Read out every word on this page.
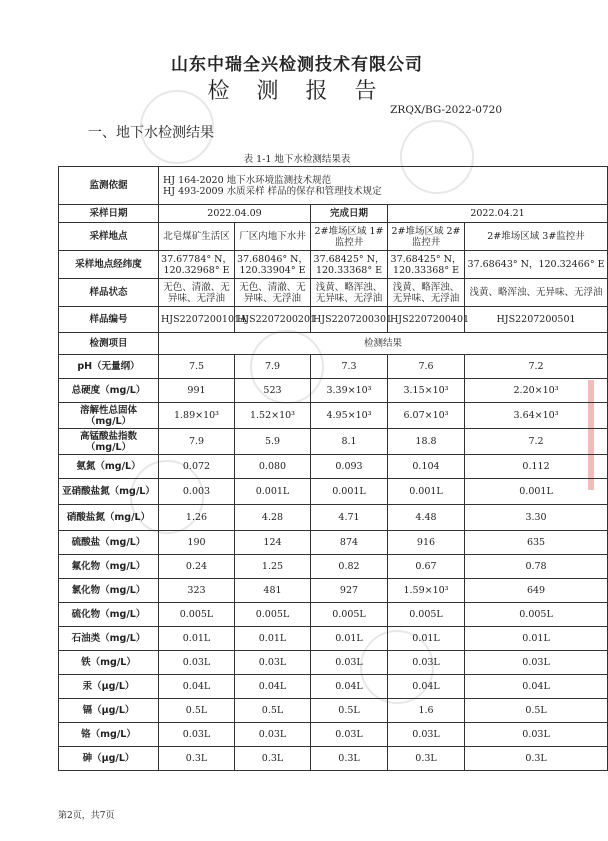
山东中瑞全兴检测技术有限公司
检 测 报 告
ZRQX/BG-2022-0720
一、地下水检测结果
表 1-1 地下水检测结果表
监测依据	HJ 164-2020 地下水环境监测技术规范
HJ 493-2009 水质采样 样品的保存和管理技术规定				

采样日期	2022.04.09		完成日期	2022.04.21	
采样地点	北皂煤矿生活区	厂区内地下水井	2#堆场区域 1#监控井	2#堆场区域 2#监控井	2#堆场区域 3#监控井
采样地点经纬度	37.67784° N，120.32968° E	37.68046° N，120.33904° E	37.68425° N，120.33368° E	37.68425° N，120.33368° E	37.68643° N，120.32466° E
样品状态	无色、清澈、无异味、无浮油	无色、清澈、无异味、无浮油	浅黄、略浑浊、无异味、无浮油	浅黄、略浑浊、无异味、无浮油	浅黄、略浑浊、无异味、无浮油
样品编号	HJS2207200101A	HJS2207200201	HJS2207200301	HJS2207200401	HJS2207200501
检测项目	检测结果				
pH（无量纲）	7.5	7.9	7.3	7.6	7.2
总硬度（mg/L）	991	523	3.39×10³	3.15×10³	2.20×10³
溶解性总固体（mg/L）	1.89×10³	1.52×10³	4.95×10³	6.07×10³	3.64×10³
高锰酸盐指数（mg/L）	7.9	5.9	8.1	18.8	7.2
氨氮（mg/L）	0.072	0.080	0.093	0.104	0.112
亚硝酸盐氮（mg/L）	0.003	0.001L	0.001L	0.001L	0.001L
硝酸盐氮（mg/L）	1.26	4.28	4.71	4.48	3.30
硫酸盐（mg/L）	190	124	874	916	635
氟化物（mg/L）	0.24	1.25	0.82	0.67	0.78
氯化物（mg/L）	323	481	927	1.59×10³	649
硫化物（mg/L）	0.005L	0.005L	0.005L	0.005L	0.005L
石油类（mg/L）	0.01L	0.01L	0.01L	0.01L	0.01L
铁（mg/L）	0.03L	0.03L	0.03L	0.03L	0.03L
汞（μg/L）	0.04L	0.04L	0.04L	0.04L	0.04L
镉（μg/L）	0.5L	0.5L	0.5L	1.6	0.5L
铬（mg/L）	0.03L	0.03L	0.03L	0.03L	0.03L
砷（μg/L）	0.3L	0.3L	0.3L	0.3L	0.3L
第2页，共7页
